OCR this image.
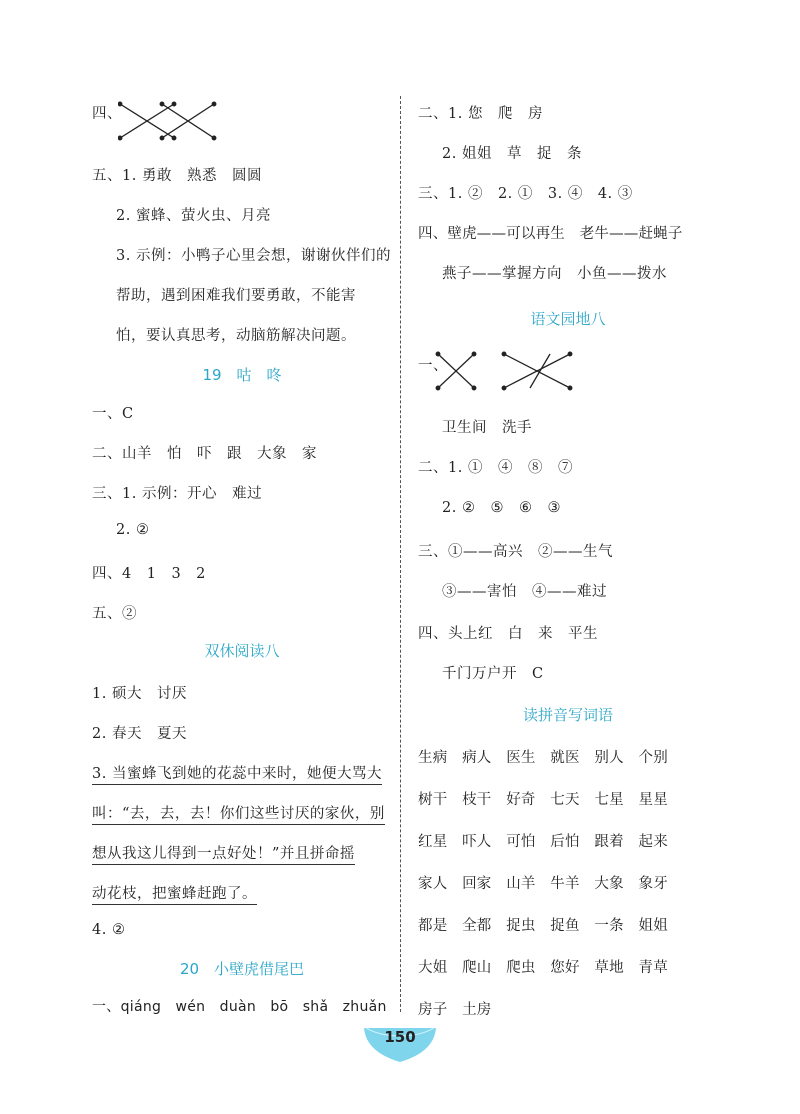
四、
五、1. 勇敢　熟悉　圆圆
2. 蜜蜂、萤火虫、月亮
3. 示例：小鸭子心里会想，谢谢伙伴们的
帮助，遇到困难我们要勇敢，不能害
怕，要认真思考，动脑筋解决问题。
19　咕　咚
一、C
二、山羊　怕　吓　跟　大象　家
三、1. 示例：开心　难过
2. ②
四、4　1　3　2
五、②
双休阅读八
1. 硕大　讨厌
2. 春天　夏天
3. 当蜜蜂飞到她的花蕊中来时，她便大骂大
叫：“去，去，去！你们这些讨厌的家伙，别
想从我这儿得到一点好处！”并且拼命摇
动花枝，把蜜蜂赶跑了。
4. ②
20　小壁虎借尾巴
一、qiáng　wén　duàn　bō　shǎ　zhuǎn
二、1. 您　爬　房
2. 姐姐　草　捉　条
三、1. ②　2. ①　3. ④　4. ③
四、壁虎——可以再生　老牛——赶蝇子
燕子——掌握方向　小鱼——拨水
语文园地八
一、
卫生间　洗手
二、1. ①　④　⑧　⑦
2. ②　⑤　⑥　③
三、①——高兴　②——生气
③——害怕　④——难过
四、头上红　白　来　平生
千门万户开　C
读拼音写词语
生病　病人　医生　就医　别人　个别
树干　枝干　好奇　七天　七星　星星
红星　吓人　可怕　后怕　跟着　起来
家人　回家　山羊　牛羊　大象　象牙
都是　全都　捉虫　捉鱼　一条　姐姐
大姐　爬山　爬虫　您好　草地　青草
房子　土房
150
